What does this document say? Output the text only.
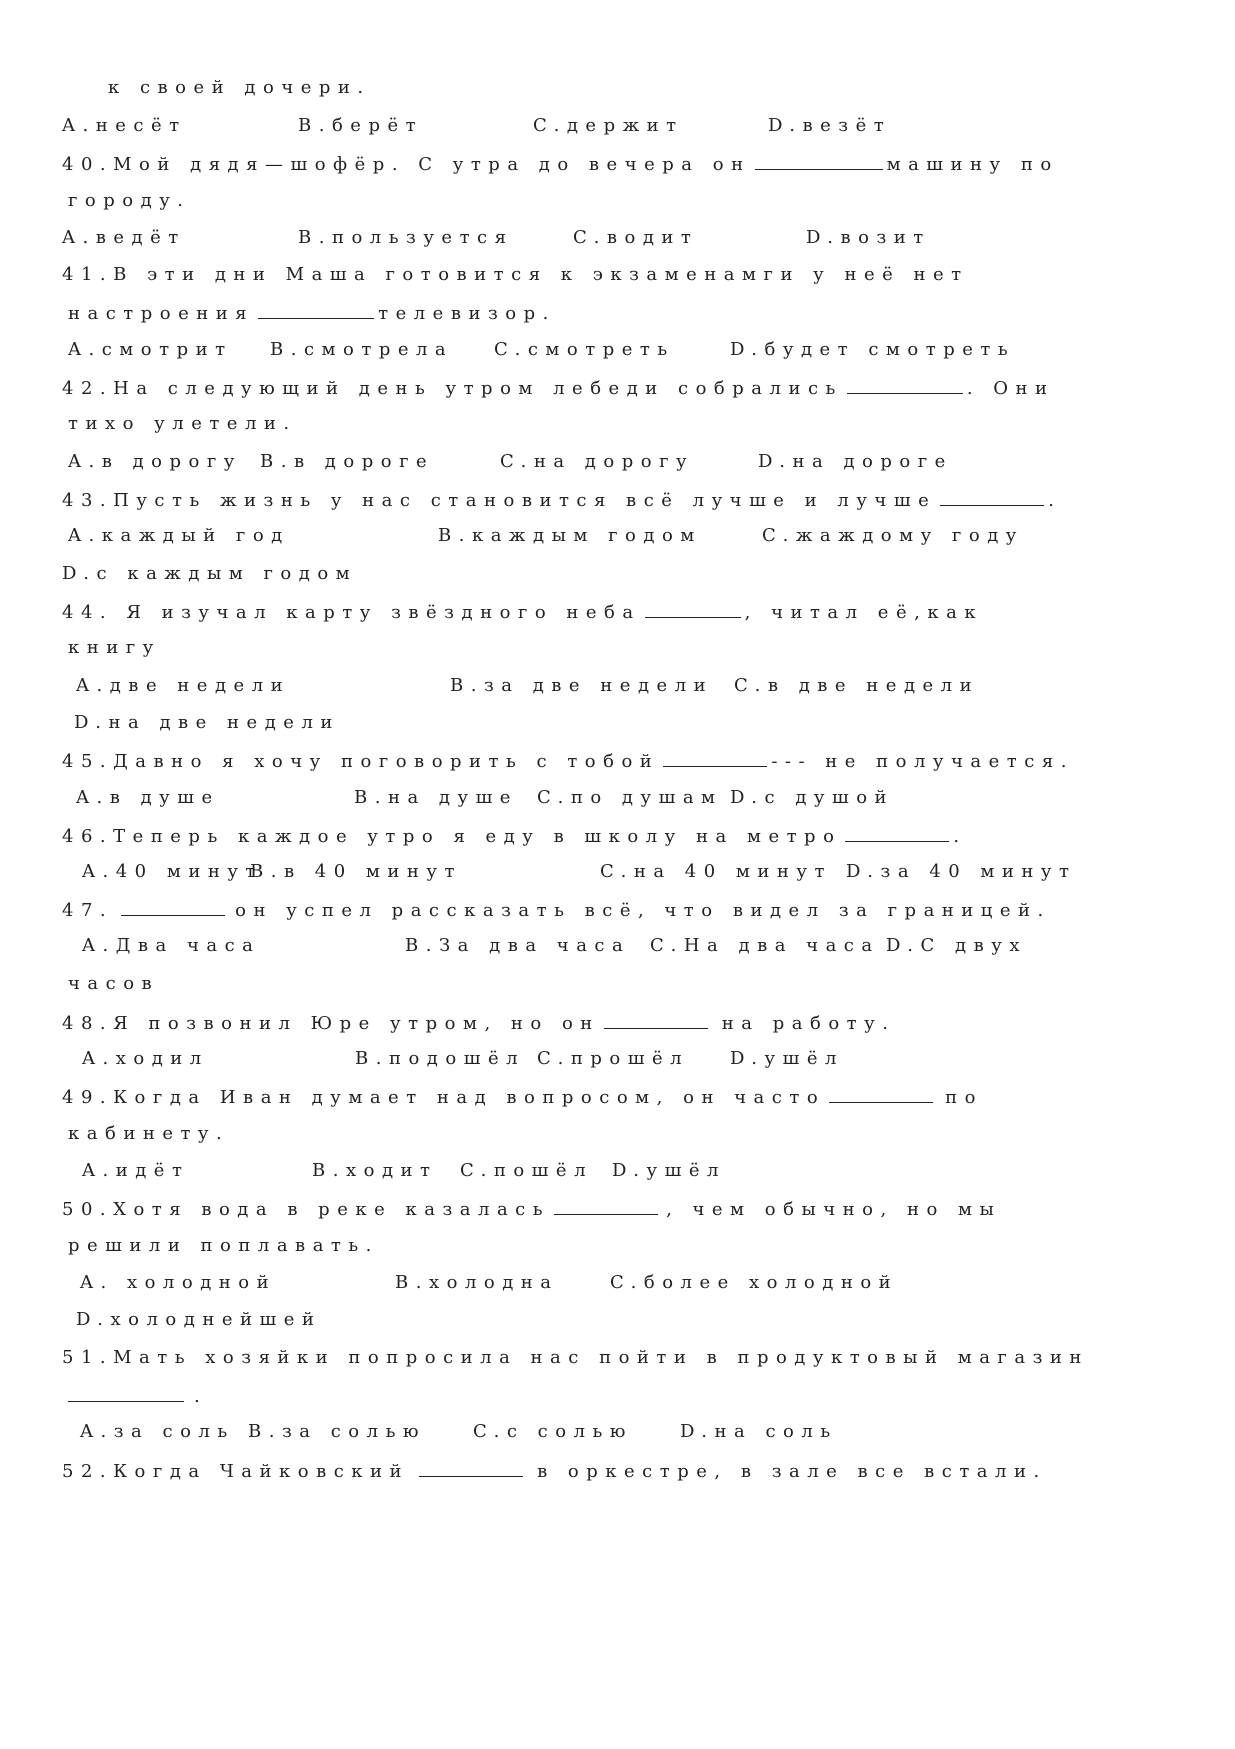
к своей дочери.
A.несёт	B.берёт	C.держит	D.везёт
40.Мой дядя—шофёр. С утра до вечера он	машину по
городу.
A.ведёт	B.пользуется	C.водит	D.возит
41.В эти дни Маша готовится к экзаменамги у неё нет
настроения	телевизор.
A.смотрит B.смотрела C.смотреть	D.будет смотреть
42.На следующий день утром лебеди собрались	. Они
тихо улетели.
A.в дорогу B.в дороге	C.на дорогу	D.на дороге
43.Пусть жизнь у нас становится всё лучше и лучше	.
A.каждый год	B.каждым годом	C.жаждому году
D.с каждым годом
44. Я изучал карту звёздного неба	, читал её,как
книгу
A.две недели	B.за две недели C.в две недели
D.на две недели
45.Давно я хочу поговорить с тобой	--- не получается.
A.в душе	B.на душе C.по душам D.с душой
46.Теперь каждое утро я еду в школу на метро	.
A.40 минут
B.в 40 минут	C.на 40 минут D.за 40 минут
47.	он успел рассказать всё, что видел за границей.
A.Два часа	B.За два часа C.На два часа D.С двух
часов
48.Я позвонил Юре утром, но он	на работу.
A.ходил	B.подошёл C.прошёл D.ушёл
49.Когда Иван думает над вопросом, он часто	по
кабинету.
A.идёт	B.ходит C.пошёл D.ушёл
50.Хотя вода в реке казалась	, чем обычно, но мы
решили поплавать.
A. холодной	B.холодна	C.более холодной
D.холоднейшей
51.Мать хозяйки попросила нас пойти в продуктовый магазин
.
A.за соль B.за солью	C.с солью	D.на соль
52.Когда Чайковский	в оркестре, в зале все встали.
